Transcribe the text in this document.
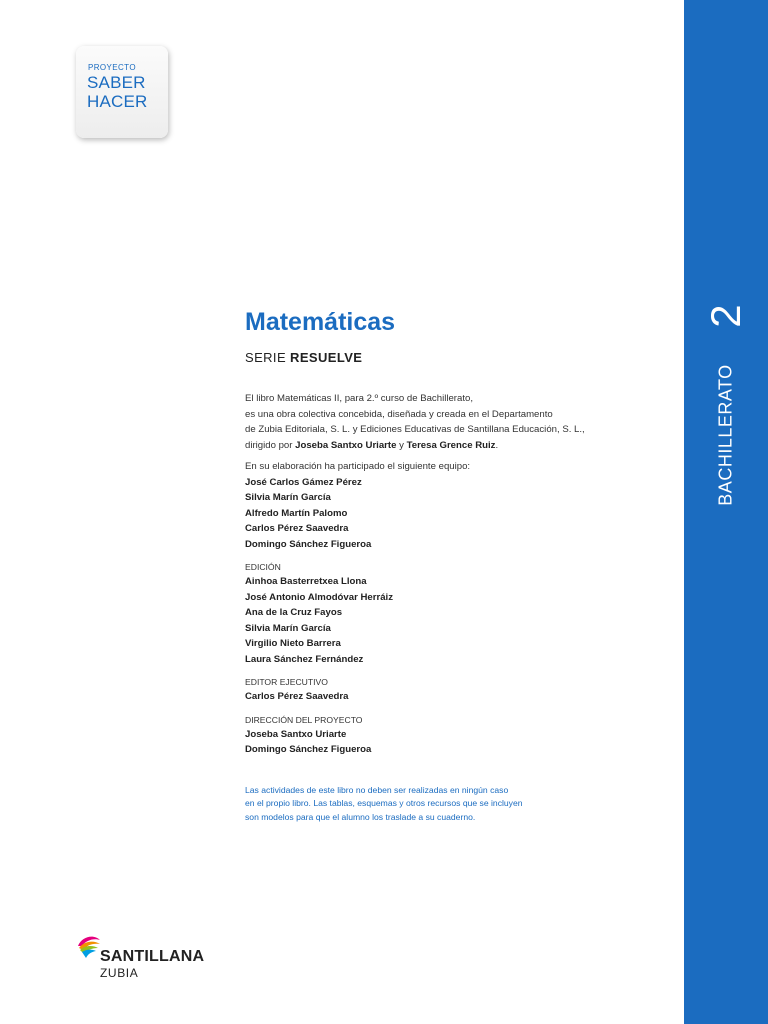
2
BACHILLERATO
PROYECTO
SABER
HACER
Matemáticas
SERIE RESUELVE
El libro Matemáticas II, para 2.º curso de Bachillerato,
es una obra colectiva concebida, diseñada y creada en el Departamento
de Zubia Editoriala, S. L. y Ediciones Educativas de Santillana Educación, S. L.,
dirigido por Joseba Santxo Uriarte y Teresa Grence Ruiz.
En su elaboración ha participado el siguiente equipo:
José Carlos Gámez Pérez
Silvia Marín García
Alfredo Martín Palomo
Carlos Pérez Saavedra
Domingo Sánchez Figueroa
EDICIÓN
Ainhoa Basterretxea Llona
José Antonio Almodóvar Herráiz
Ana de la Cruz Fayos
Silvia Marín García
Virgilio Nieto Barrera
Laura Sánchez Fernández
EDITOR EJECUTIVO
Carlos Pérez Saavedra
DIRECCIÓN DEL PROYECTO
Joseba Santxo Uriarte
Domingo Sánchez Figueroa
Las actividades de este libro no deben ser realizadas en ningún caso
en el propio libro. Las tablas, esquemas y otros recursos que se incluyen
son modelos para que el alumno los traslade a su cuaderno.
SANTILLANA
ZUBIA
